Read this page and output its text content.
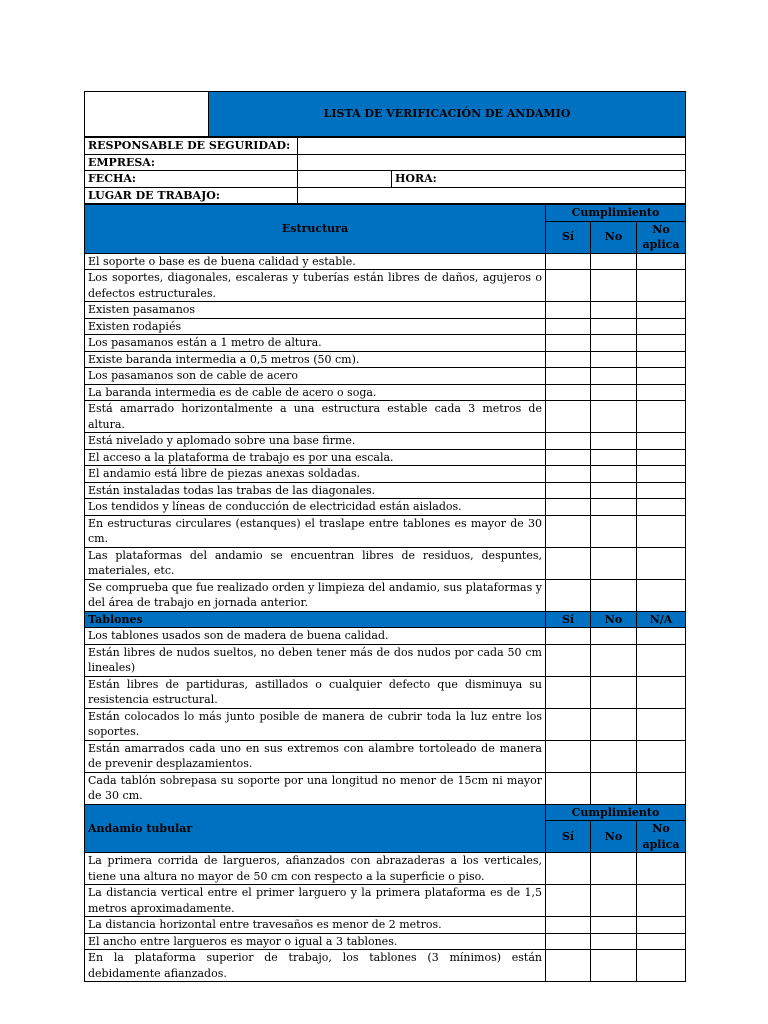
	LISTA DE VERIFICACIÓN DE ANDAMIO
RESPONSABLE DE SEGURIDAD:		
EMPRESA:		
FECHA:		HORA:
LUGAR DE TRABAJO:		
Estructura	Cumplimiento		
	Sí	No	No aplica
El soporte o base es de buena calidad y estable.			
Los soportes, diagonales, escaleras y tuberías están libres de daños, agujeros o defectos estructurales.			
Existen pasamanos			
Existen rodapiés			
Los pasamanos están a 1 metro de altura.			
Existe baranda intermedia a 0,5 metros (50 cm).			
Los pasamanos son de cable de acero			
La baranda intermedia es de cable de acero o soga.			
Está amarrado horizontalmente a una estructura estable cada 3 metros de altura.			
Está nivelado y aplomado sobre una base firme.			
El acceso a la plataforma de trabajo es por una escala.			
El andamio está libre de piezas anexas soldadas.			
Están instaladas todas las trabas de las diagonales.			
Los tendidos y líneas de conducción de electricidad están aislados.			
En estructuras circulares (estanques) el traslape entre tablones es mayor de 30 cm.			
Las plataformas del andamio se encuentran libres de residuos, despuntes, materiales, etc.			
Se comprueba que fue realizado orden y limpieza del andamio, sus plataformas y del área de trabajo en jornada anterior.			
Tablones	Sí	No	N/A
Los tablones usados son de madera de buena calidad.			
Están libres de nudos sueltos, no deben tener más de dos nudos por cada 50 cm lineales)			
Están libres de partiduras, astillados o cualquier defecto que disminuya su resistencia estructural.			
Están colocados lo más junto posible de manera de cubrir toda la luz entre los soportes.			
Están amarrados cada uno en sus extremos con alambre tortoleado de manera de prevenir desplazamientos.			
Cada tablón sobrepasa su soporte por una longitud no menor de 15cm ni mayor de 30 cm.			
Andamio tubular	Cumplimiento		
	Sí	No	No aplica
La primera corrida de largueros, afianzados con abrazaderas a los verticales, tiene una altura no mayor de 50 cm con respecto a la superficie o piso.			
La distancia vertical entre el primer larguero y la primera plataforma es de 1,5 metros aproximadamente.			
La distancia horizontal entre travesaños es menor de 2 metros.			
El ancho entre largueros es mayor o igual a 3 tablones.			
En la plataforma superior de trabajo, los tablones (3 mínimos) están debidamente afianzados.			
